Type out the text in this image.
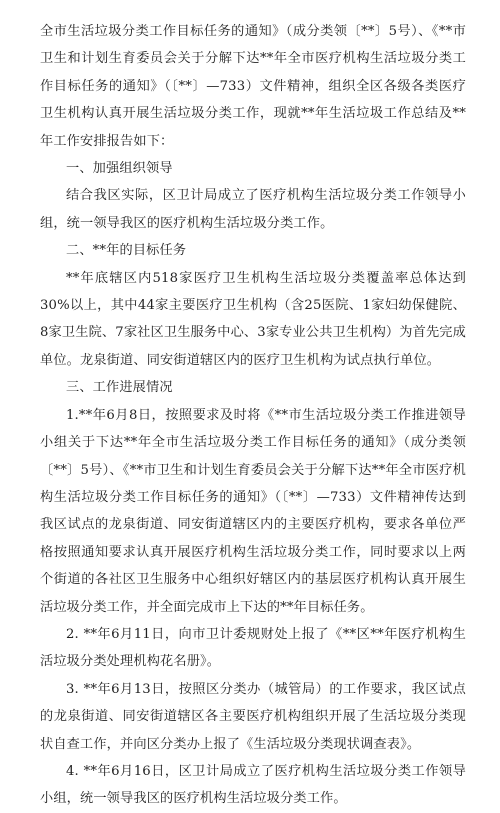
全市生活垃圾分类工作目标任务的通知》（成分类领〔**〕5号）、《**市卫生和计划生育委员会关于分解下达**年全市医疗机构生活垃圾分类工作目标任务的通知》（〔**〕—733）文件精神，组织全区各级各类医疗卫生机构认真开展生活垃圾分类工作，现就**年生活垃圾工作总结及**年工作安排报告如下：

一、加强组织领导

结合我区实际，区卫计局成立了医疗机构生活垃圾分类工作领导小组，统一领导我区的医疗机构生活垃圾分类工作。

二、**年的目标任务

**年底辖区内518家医疗卫生机构生活垃圾分类覆盖率总体达到30%以上，其中44家主要医疗卫生机构（含25医院、1家妇幼保健院、8家卫生院、7家社区卫生服务中心、3家专业公共卫生机构）为首先完成单位。龙泉街道、同安街道辖区内的医疗卫生机构为试点执行单位。

三、工作进展情况

1.**年6月8日，按照要求及时将《**市生活垃圾分类工作推进领导小组关于下达**年全市生活垃圾分类工作目标任务的通知》（成分类领〔**〕5号）、《**市卫生和计划生育委员会关于分解下达**年全市医疗机构生活垃圾分类工作目标任务的通知》（〔**〕—733）文件精神传达到我区试点的龙泉街道、同安街道辖区内的主要医疗机构，要求各单位严格按照通知要求认真开展医疗机构生活垃圾分类工作，同时要求以上两个街道的各社区卫生服务中心组织好辖区内的基层医疗机构认真开展生活垃圾分类工作，并全面完成市上下达的**年目标任务。

2. **年6月11日，向市卫计委规财处上报了《**区**年医疗机构生活垃圾分类处理机构花名册》。

3. **年6月13日，按照区分类办（城管局）的工作要求，我区试点的龙泉街道、同安街道辖区各主要医疗机构组织开展了生活垃圾分类现状自查工作，并向区分类办上报了《生活垃圾分类现状调查表》。

4. **年6月16日，区卫计局成立了医疗机构生活垃圾分类工作领导小组，统一领导我区的医疗机构生活垃圾分类工作。
